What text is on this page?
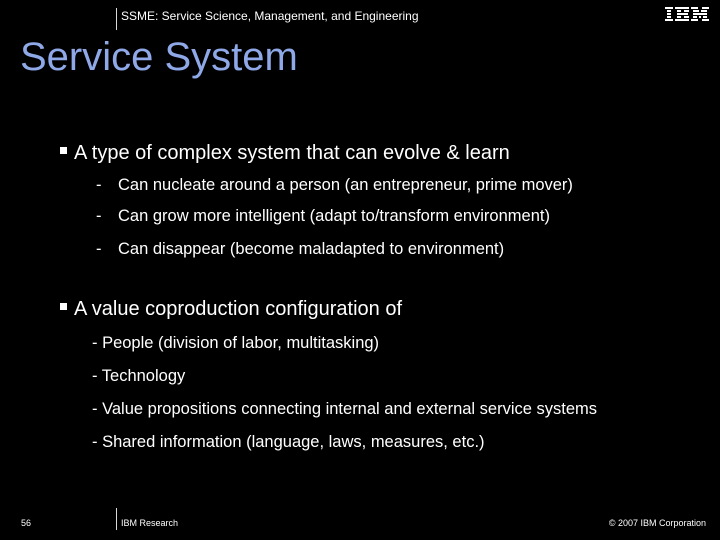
SSME: Service Science, Management, and Engineering
Service System
A type of complex system that can evolve & learn
- Can nucleate around a person (an entrepreneur, prime mover)
- Can grow more intelligent (adapt to/transform environment)
- Can disappear (become maladapted to environment)
A value coproduction configuration of
- People (division of labor, multitasking)
- Technology
- Value propositions connecting internal and external service systems
- Shared information (language, laws, measures, etc.)
56	IBM Research	© 2007 IBM Corporation
